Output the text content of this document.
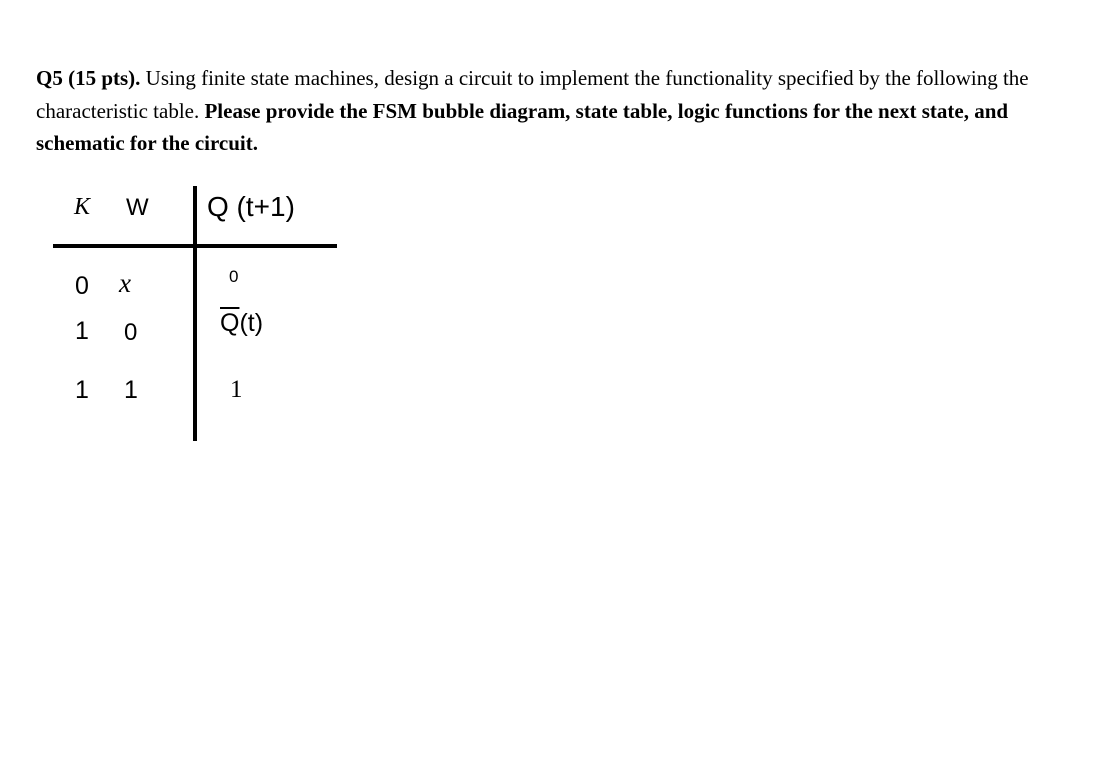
Q5 (15 pts). Using finite state machines, design a circuit to implement the functionality specified by the following the characteristic table. Please provide the FSM bubble diagram, state table, logic functions for the next state, and schematic for the circuit.

K W Q (t+1)
0 x	0
1 0	$\overline{Q}(t)$
1 1	1
